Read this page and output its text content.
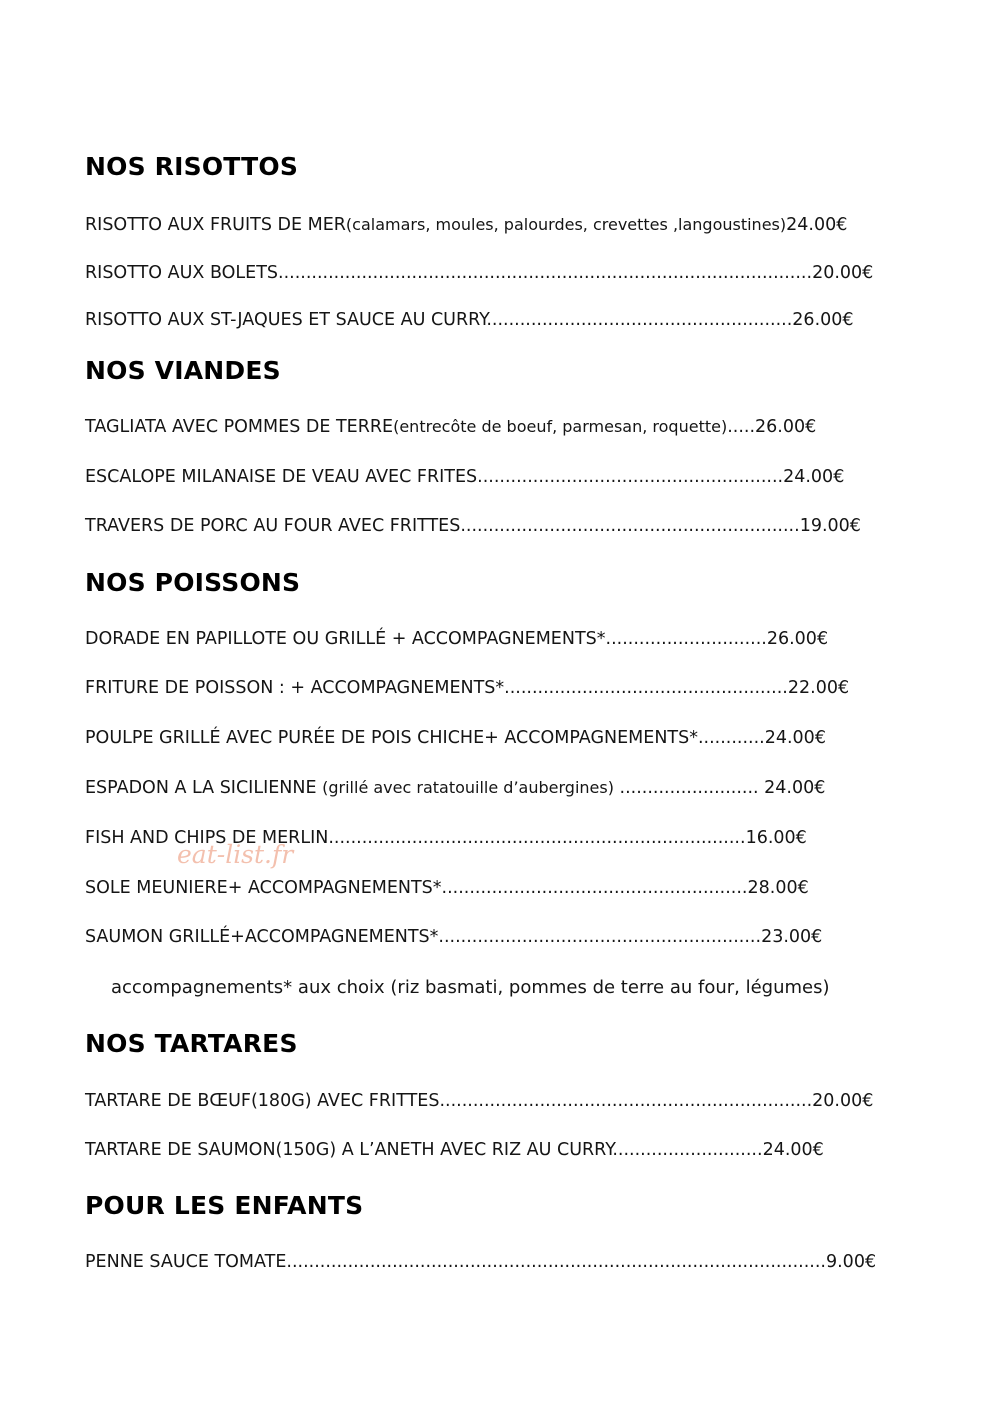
NOS RISOTTOS
RISOTTO AUX FRUITS DE MER(calamars, moules, palourdes, crevettes ,langoustines)24.00€
RISOTTO AUX BOLETS................................................................................................20.00€
RISOTTO AUX ST-JAQUES ET SAUCE AU CURRY.......................................................26.00€
NOS VIANDES
TAGLIATA AVEC POMMES DE TERRE(entrecôte de boeuf, parmesan, roquette).....26.00€
ESCALOPE MILANAISE DE VEAU AVEC FRITES.......................................................24.00€
TRAVERS DE PORC AU FOUR AVEC FRITTES.............................................................19.00€
NOS POISSONS
DORADE EN PAPILLOTE OU GRILLÉ + ACCOMPAGNEMENTS*.............................26.00€
FRITURE DE POISSON : + ACCOMPAGNEMENTS*...................................................22.00€
POULPE GRILLÉ AVEC PURÉE DE POIS CHICHE+ ACCOMPAGNEMENTS*............24.00€
ESPADON A LA SICILIENNE (grillé avec ratatouille d’aubergines) ......................... 24.00€
FISH AND CHIPS DE MERLIN...........................................................................16.00€
SOLE MEUNIERE+ ACCOMPAGNEMENTS*.......................................................28.00€
SAUMON GRILLÉ+ACCOMPAGNEMENTS*..........................................................23.00€
accompagnements* aux choix (riz basmati, pommes de terre au four, légumes)
eat-list.fr
NOS TARTARES
TARTARE DE BŒUF(180G) AVEC FRITTES...................................................................20.00€
TARTARE DE SAUMON(150G) A L’ANETH AVEC RIZ AU CURRY...........................24.00€
POUR LES ENFANTS
PENNE SAUCE TOMATE.................................................................................................9.00€
